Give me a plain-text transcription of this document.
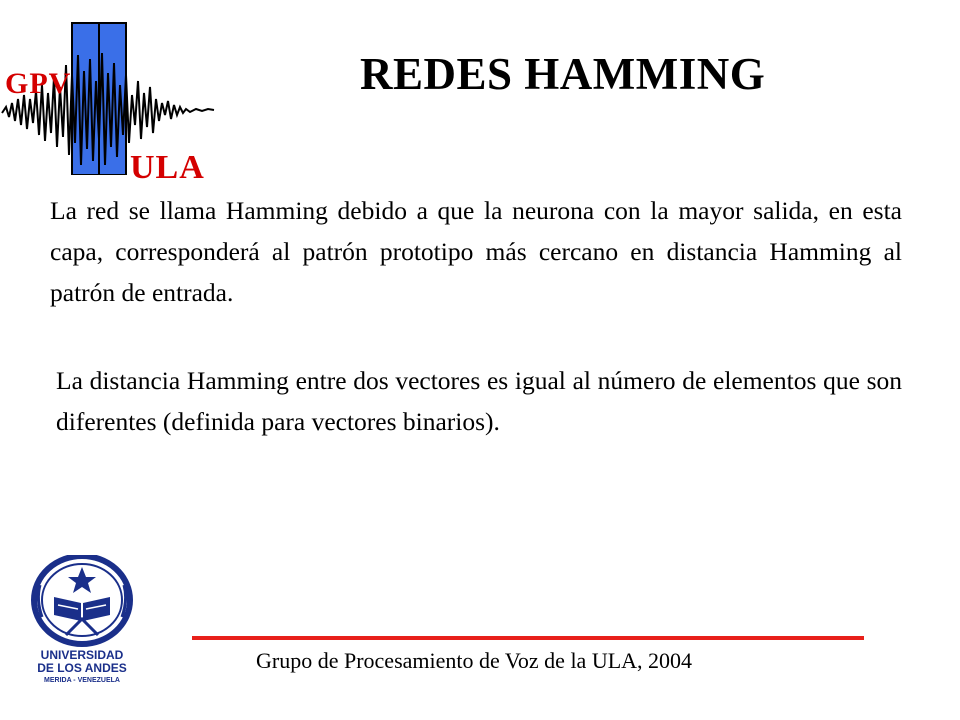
GPV
ULA
REDES HAMMING

La red se llama Hamming debido a que la neurona con la mayor salida, en esta capa, corresponderá al patrón prototipo más cercano en distancia Hamming al patrón de entrada.

La distancia Hamming entre dos vectores es igual al número de elementos que son diferentes (definida para vectores binarios).

UNIVERSIDAD
DE LOS ANDES
MERIDA - VENEZUELA

Grupo de Procesamiento de Voz de la ULA, 2004
